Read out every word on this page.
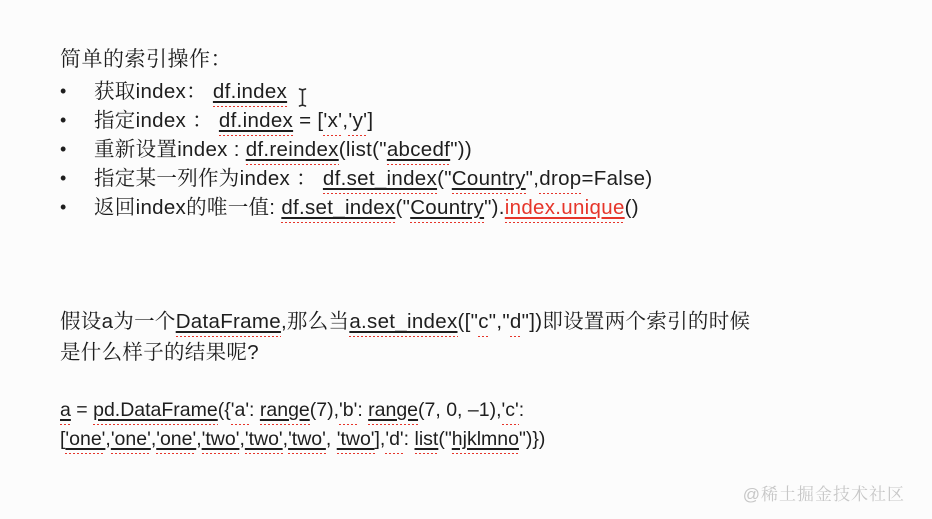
简单的索引操作：
•	获取index： df.index
•	指定index ： df.index = ['x','y']
•	重新设置index : df.reindex(list("abcedf"))
•	指定某一列作为index ： df.set_index("Country",drop=False)
•	返回index的唯一值: df.set_index("Country").index.unique()
假设a为一个DataFrame,那么当a.set_index(["c","d"])即设置两个索引的时候
是什么样子的结果呢?
a = pd.DataFrame({'a': range(7),'b': range(7, 0, –1),'c':
['one','one','one','two','two','two', 'two'],'d': list("hjklmno")})
@稀土掘金技术社区
